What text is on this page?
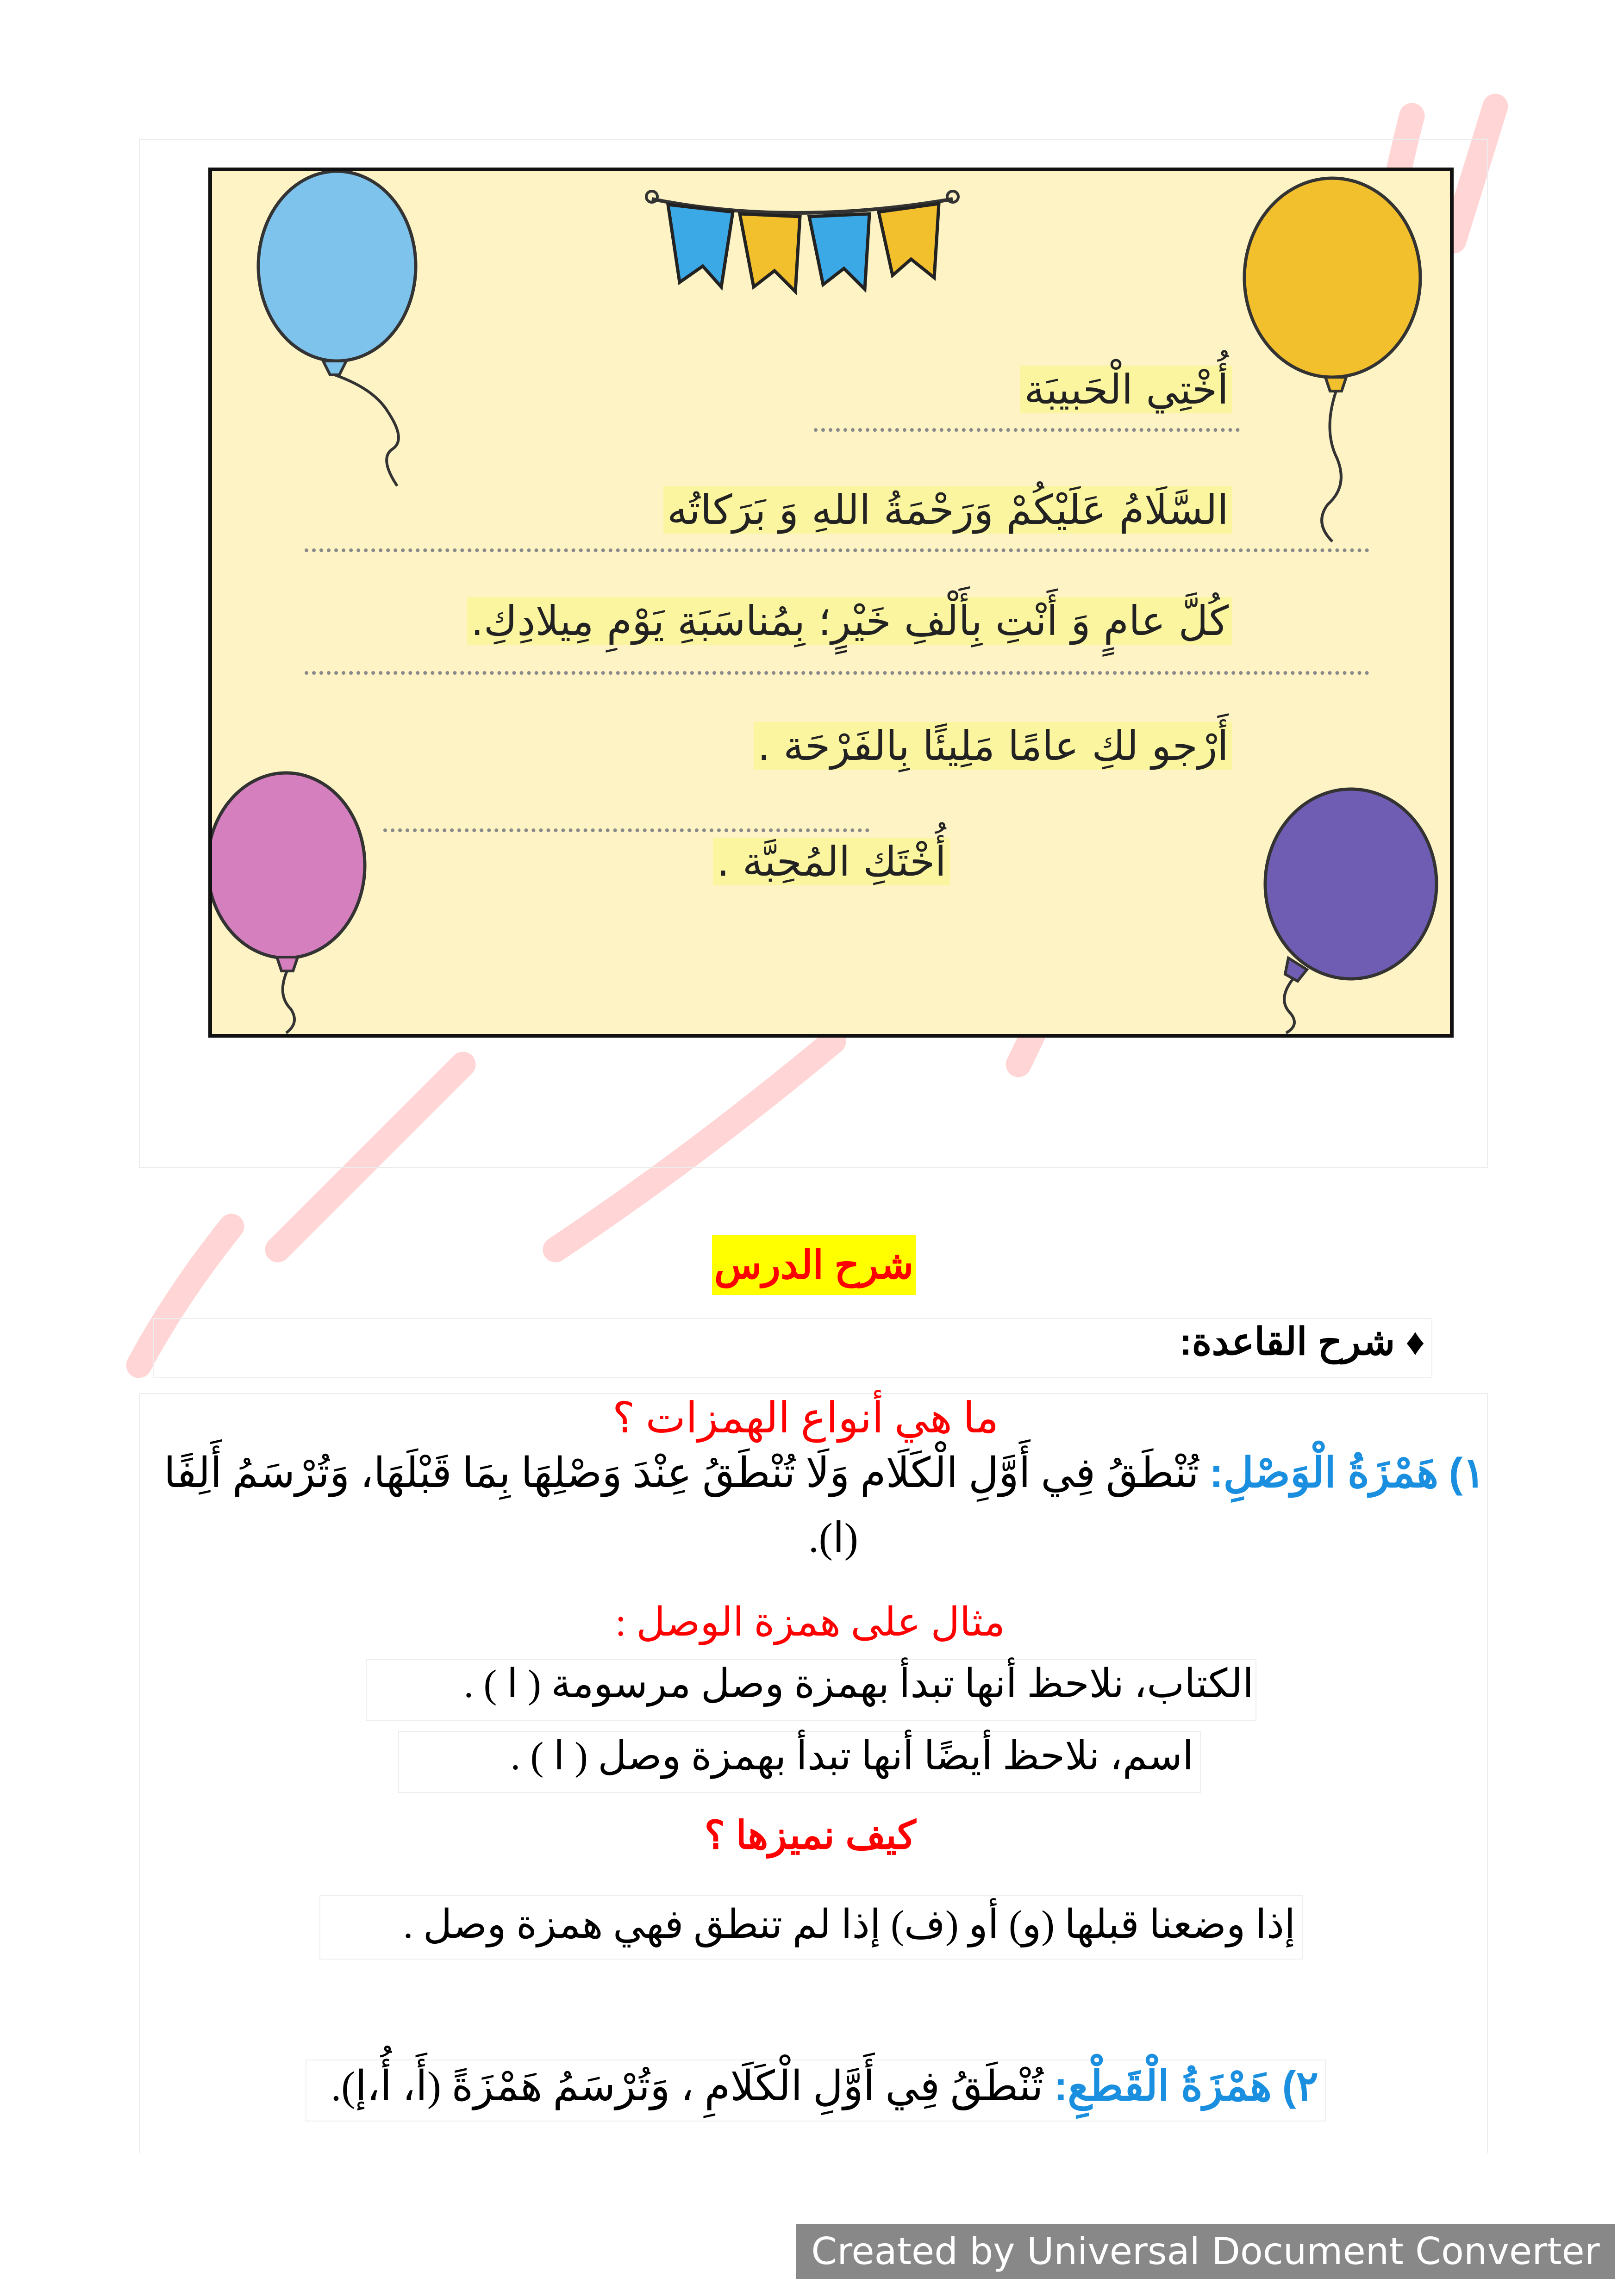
أُخْتِي الْحَبيبَة
السَّلَامُ عَلَيْكُمْ وَرَحْمَةُ اللهِ وَ بَرَكاتُه
كُلَّ عامٍ وَ أَنْتِ بِأَلْفِ خَيْرٍ؛ بِمُناسَبَةِ يَوْمِ مِيلادِكِ.
أَرْجو لكِ عامًا مَلِيئًا بِالفَرْحَة .
أُخْتَكِ المُحِبَّة .
شرح الدرس
♦ شرح القاعدة:
ما هي أنواع الهمزات ؟
١) هَمْزَةُ الْوَصْلِ: تُنْطَقُ فِي أَوَّلِ الْكَلَام وَلَا تُنْطَقُ عِنْدَ وَصْلِهَا بِمَا قَبْلَهَا، وَتُرْسَمُ أَلِفًا
(ا).
مثال على همزة الوصل :
الكتاب، نلاحظ أنها تبدأ بهمزة وصل مرسومة ( ا ) .
اسم، نلاحظ أيضًا أنها تبدأ بهمزة وصل ( ا ) .
كيف نميزها ؟
إذا وضعنا قبلها (و) أو (ف) إذا لم تنطق فهي همزة وصل .
٢) هَمْزَةُ الْقَطْعِ: تُنْطَقُ فِي أَوَّلِ الْكَلَامِ ، وَتُرْسَمُ هَمْزَةً (أَ، أُ،إ).
Created by Universal Document Converter
